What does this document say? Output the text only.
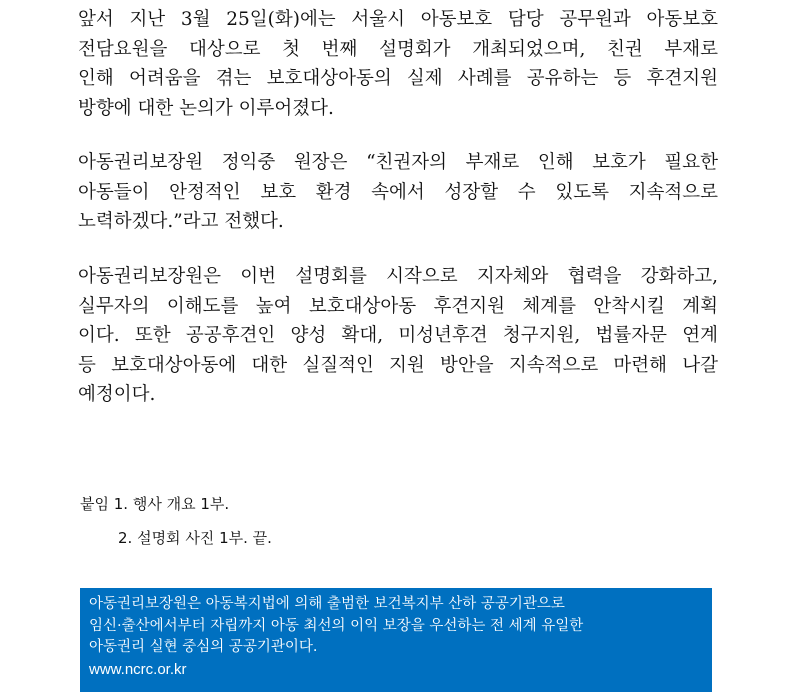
앞서 지난 3월 25일(화)에는 서울시 아동보호 담당 공무원과 아동보호
전담요원을 대상으로 첫 번째 설명회가 개최되었으며, 친권 부재로
인해 어려움을 겪는 보호대상아동의 실제 사례를 공유하는 등 후견지원
방향에 대한 논의가 이루어졌다.
아동권리보장원 정익중 원장은 “친권자의 부재로 인해 보호가 필요한
아동들이 안정적인 보호 환경 속에서 성장할 수 있도록 지속적으로
노력하겠다.”라고 전했다.
아동권리보장원은 이번 설명회를 시작으로 지자체와 협력을 강화하고,
실무자의 이해도를 높여 보호대상아동 후견지원 체계를 안착시킬 계획
이다. 또한 공공후견인 양성 확대, 미성년후견 청구지원, 법률자문 연계
등 보호대상아동에 대한 실질적인 지원 방안을 지속적으로 마련해 나갈
예정이다.
붙임 1. 행사 개요 1부.
2. 설명회 사진 1부. 끝.
아동권리보장원은 아동복지법에 의해 출범한 보건복지부 산하 공공기관으로
임신·출산에서부터 자립까지 아동 최선의 이익 보장을 우선하는 전 세계 유일한
아동권리 실현 중심의 공공기관이다.
www.ncrc.or.kr
